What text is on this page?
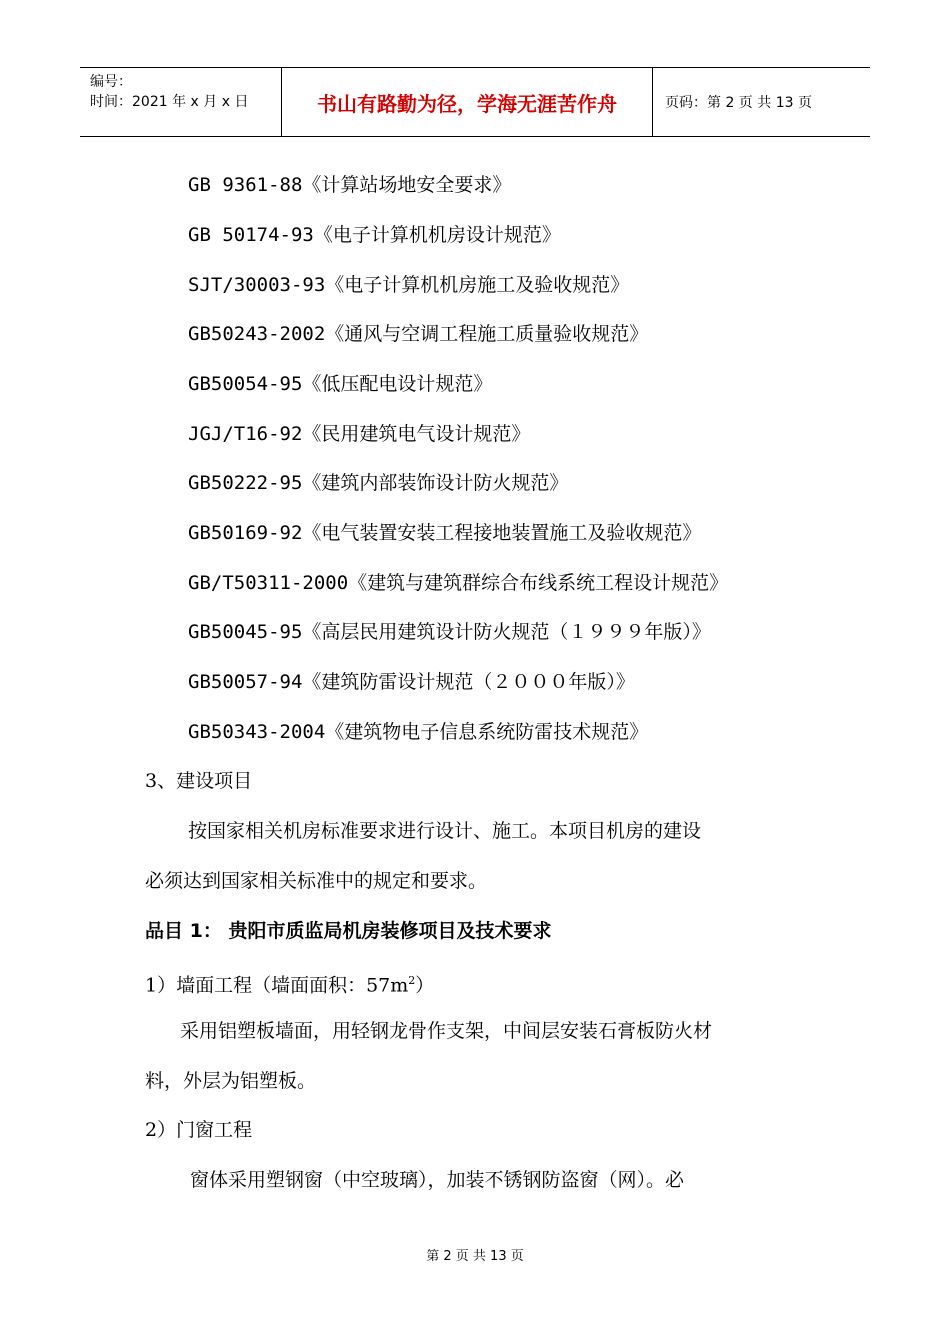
编号：
时间：2021 年 x 月 x 日	书山有路勤为径，学海无涯苦作舟	页码：第 2 页 共 13 页
GB 9361-88《计算站场地安全要求》
GB 50174-93《电子计算机机房设计规范》
SJT/30003-93《电子计算机机房施工及验收规范》
GB50243-2002《通风与空调工程施工质量验收规范》
GB50054-95《低压配电设计规范》
JGJ/T16-92《民用建筑电气设计规范》
GB50222-95《建筑内部装饰设计防火规范》
GB50169-92《电气装置安装工程接地装置施工及验收规范》
GB/T50311-2000《建筑与建筑群综合布线系统工程设计规范》
GB50045-95《高层民用建筑设计防火规范（１９９９年版）》
GB50057-94《建筑防雷设计规范（２０００年版）》
GB50343-2004《建筑物电子信息系统防雷技术规范》
3、建设项目
按国家相关机房标准要求进行设计、施工。本项目机房的建设
必须达到国家相关标准中的规定和要求。
品目 1： 贵阳市质监局机房装修项目及技术要求
1）墙面工程（墙面面积：$57m^2$）
采用铝塑板墙面，用轻钢龙骨作支架，中间层安装石膏板防火材
料，外层为铝塑板。
2）门窗工程
窗体采用塑钢窗（中空玻璃），加装不锈钢防盗窗（网）。必
第 2 页 共 13 页
